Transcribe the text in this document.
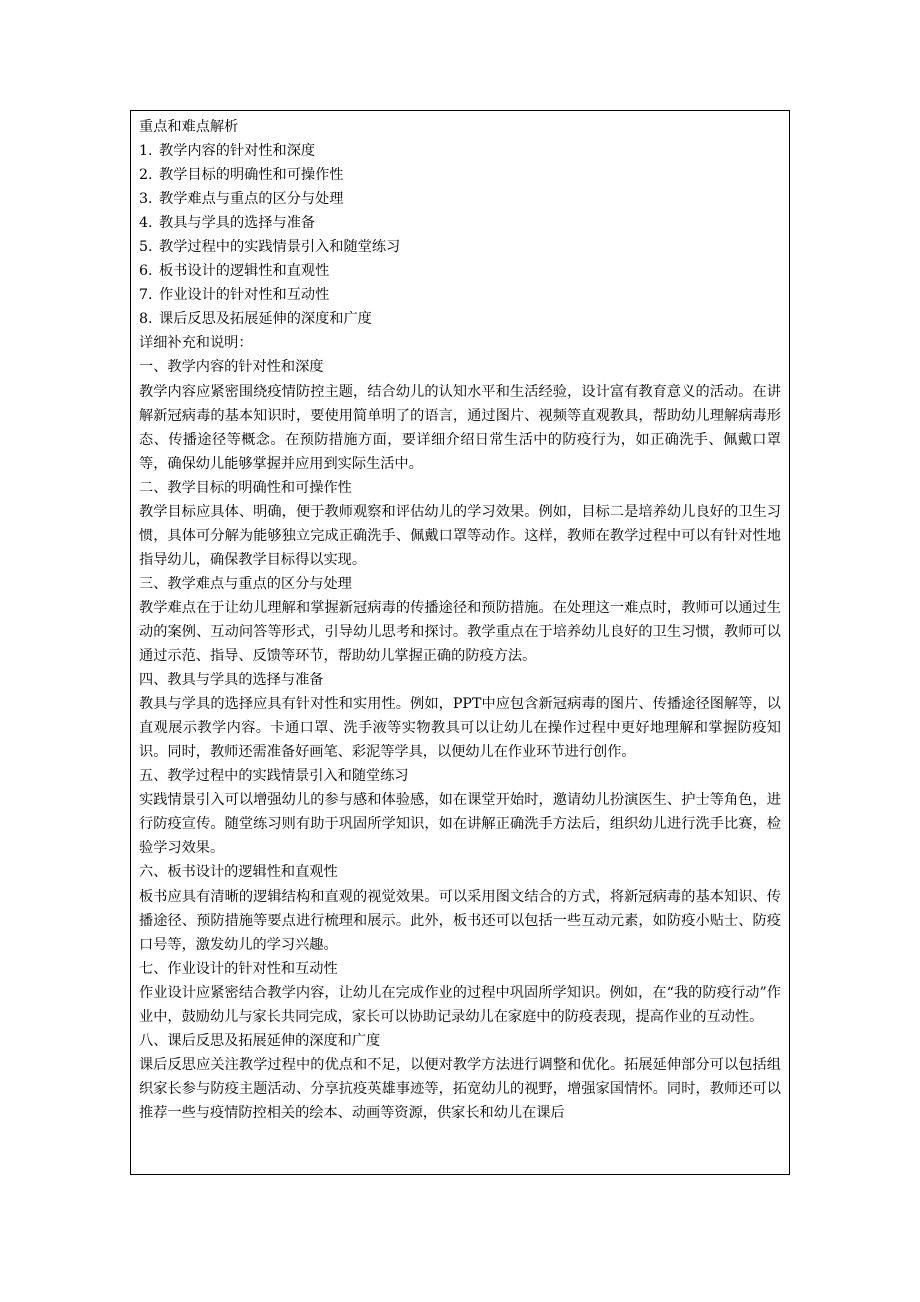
重点和难点解析

1. 教学内容的针对性和深度

2. 教学目标的明确性和可操作性

3. 教学难点与重点的区分与处理

4. 教具与学具的选择与准备

5. 教学过程中的实践情景引入和随堂练习

6. 板书设计的逻辑性和直观性

7. 作业设计的针对性和互动性

8. 课后反思及拓展延伸的深度和广度

详细补充和说明：

一、教学内容的针对性和深度

教学内容应紧密围绕疫情防控主题，结合幼儿的认知水平和生活经验，设计富有教育意义的活动。在讲解新冠病毒的基本知识时，要使用简单明了的语言，通过图片、视频等直观教具，帮助幼儿理解病毒形态、传播途径等概念。在预防措施方面，要详细介绍日常生活中的防疫行为，如正确洗手、佩戴口罩等，确保幼儿能够掌握并应用到实际生活中。

二、教学目标的明确性和可操作性

教学目标应具体、明确，便于教师观察和评估幼儿的学习效果。例如，目标二是培养幼儿良好的卫生习惯，具体可分解为能够独立完成正确洗手、佩戴口罩等动作。这样，教师在教学过程中可以有针对性地指导幼儿，确保教学目标得以实现。

三、教学难点与重点的区分与处理

教学难点在于让幼儿理解和掌握新冠病毒的传播途径和预防措施。在处理这一难点时，教师可以通过生动的案例、互动问答等形式，引导幼儿思考和探讨。教学重点在于培养幼儿良好的卫生习惯，教师可以通过示范、指导、反馈等环节，帮助幼儿掌握正确的防疫方法。

四、教具与学具的选择与准备

教具与学具的选择应具有针对性和实用性。例如，PPT中应包含新冠病毒的图片、传播途径图解等，以直观展示教学内容。卡通口罩、洗手液等实物教具可以让幼儿在操作过程中更好地理解和掌握防疫知识。同时，教师还需准备好画笔、彩泥等学具，以便幼儿在作业环节进行创作。

五、教学过程中的实践情景引入和随堂练习

实践情景引入可以增强幼儿的参与感和体验感，如在课堂开始时，邀请幼儿扮演医生、护士等角色，进行防疫宣传。随堂练习则有助于巩固所学知识，如在讲解正确洗手方法后，组织幼儿进行洗手比赛，检验学习效果。

六、板书设计的逻辑性和直观性

板书应具有清晰的逻辑结构和直观的视觉效果。可以采用图文结合的方式，将新冠病毒的基本知识、传播途径、预防措施等要点进行梳理和展示。此外，板书还可以包括一些互动元素，如防疫小贴士、防疫口号等，激发幼儿的学习兴趣。

七、作业设计的针对性和互动性

作业设计应紧密结合教学内容，让幼儿在完成作业的过程中巩固所学知识。例如，在“我的防疫行动”作业中，鼓励幼儿与家长共同完成，家长可以协助记录幼儿在家庭中的防疫表现，提高作业的互动性。

八、课后反思及拓展延伸的深度和广度

课后反思应关注教学过程中的优点和不足，以便对教学方法进行调整和优化。拓展延伸部分可以包括组织家长参与防疫主题活动、分享抗疫英雄事迹等，拓宽幼儿的视野，增强家国情怀。同时，教师还可以推荐一些与疫情防控相关的绘本、动画等资源，供家长和幼儿在课后
